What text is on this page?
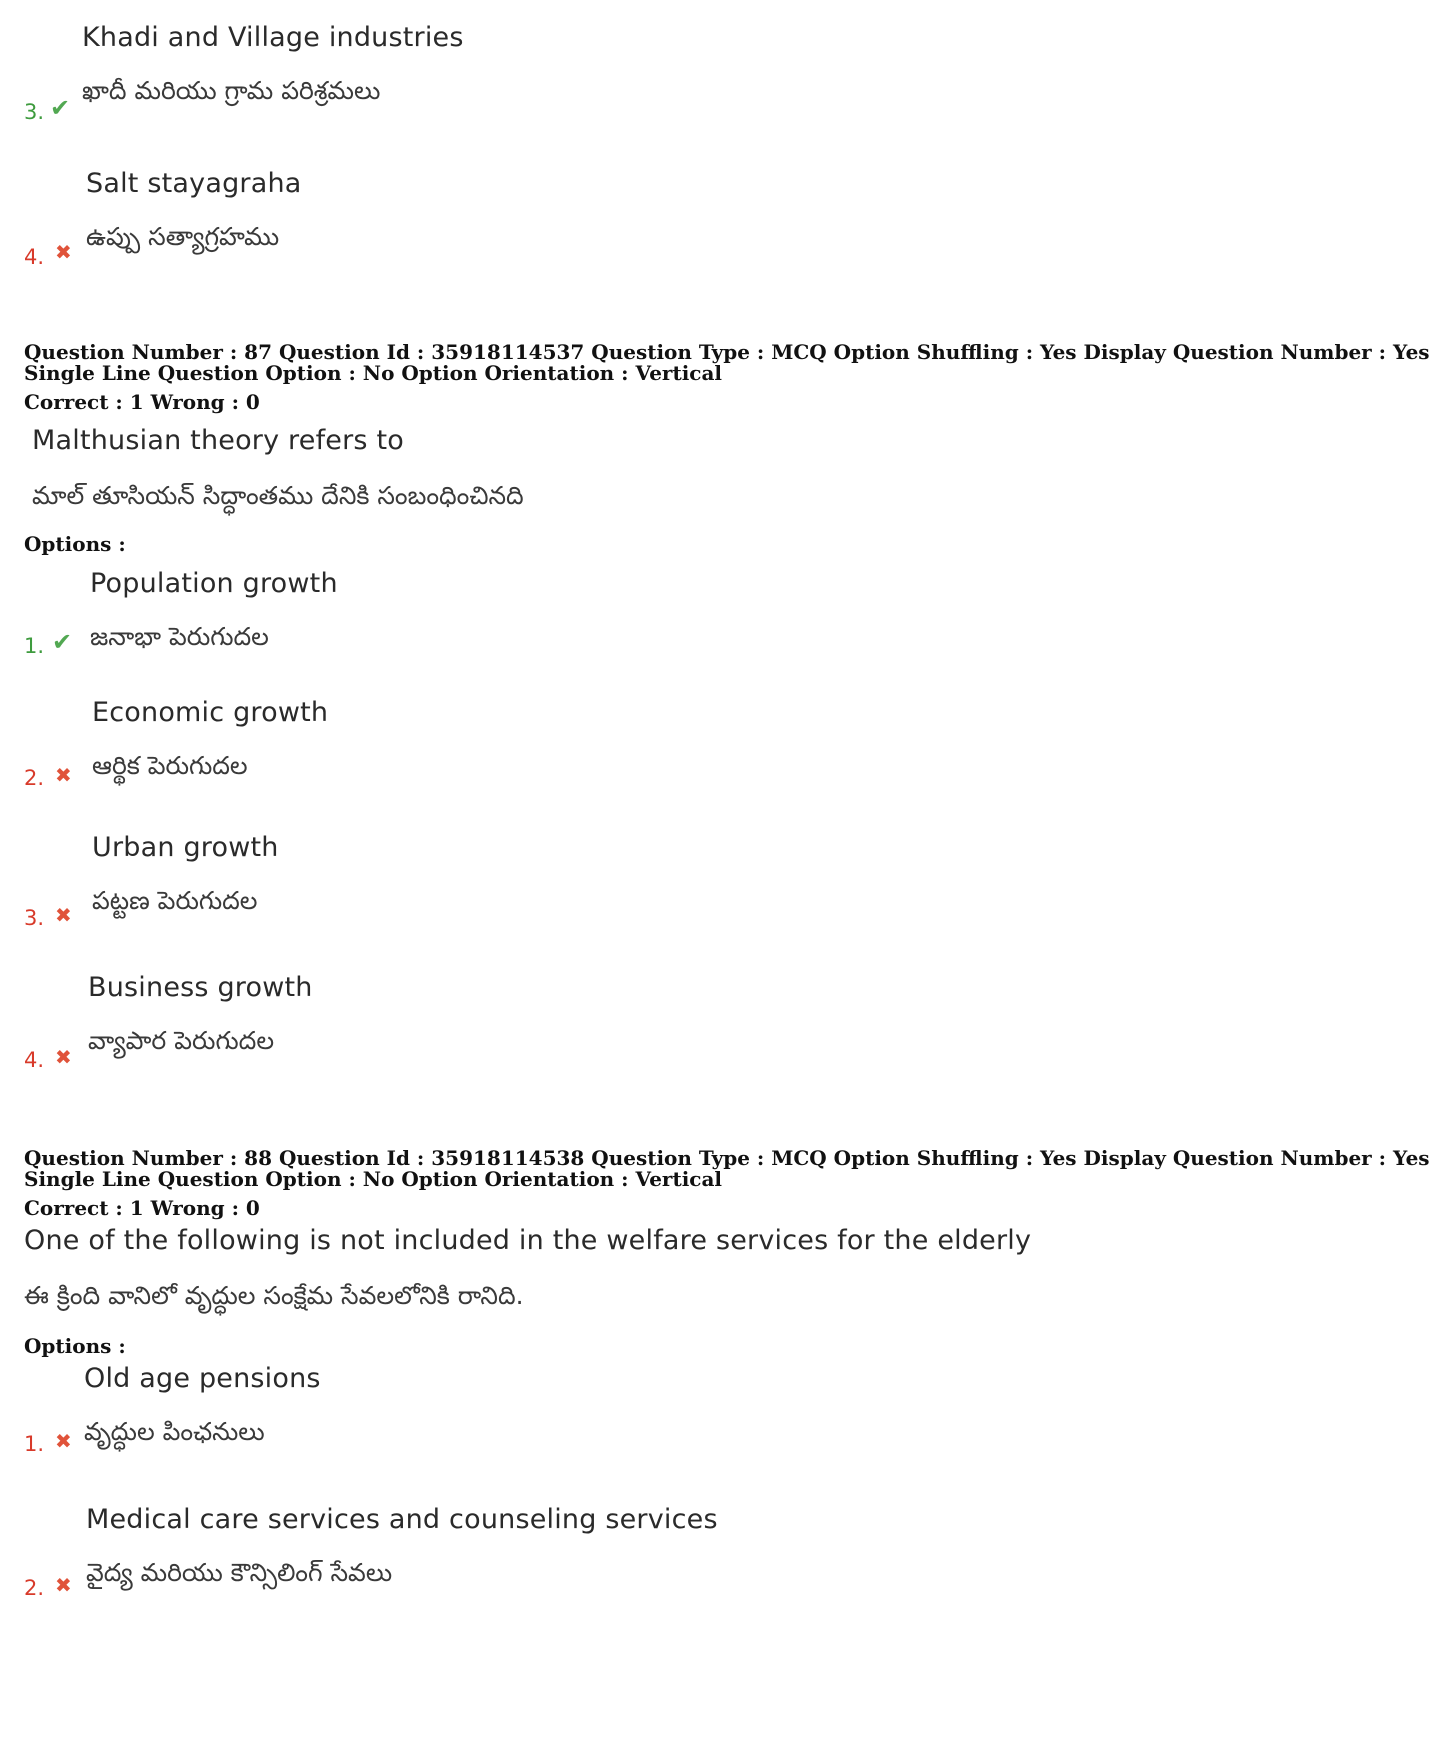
Khadi and Village industries
ఖాదీ మరియు గ్రామ పరిశ్రమలు
3. ✔
Salt stayagraha
ఉప్పు సత్యాగ్రహము
4. ✖
Question Number : 87 Question Id : 35918114537 Question Type : MCQ Option Shuffling : Yes Display Question Number : Yes
Single Line Question Option : No Option Orientation : Vertical
Correct : 1 Wrong : 0
Malthusian theory refers to
మాల్ తూసియన్ సిద్ధాంతము దేనికి సంబంధించినది
Options :
Population growth
జనాభా పెరుగుదల
1. ✔
Economic growth
ఆర్థిక పెరుగుదల
2. ✖
Urban growth
పట్టణ పెరుగుదల
3. ✖
Business growth
వ్యాపార పెరుగుదల
4. ✖
Question Number : 88 Question Id : 35918114538 Question Type : MCQ Option Shuffling : Yes Display Question Number : Yes
Single Line Question Option : No Option Orientation : Vertical
Correct : 1 Wrong : 0
One of the following is not included in the welfare services for the elderly
ఈ క్రింది వానిలో వృద్ధుల సంక్షేమ సేవలలోనికి రానిది.
Options :
Old age pensions
వృద్ధుల పింఛనులు
1. ✖
Medical care services and counseling services
వైద్య మరియు కౌన్సిలింగ్ సేవలు
2. ✖
